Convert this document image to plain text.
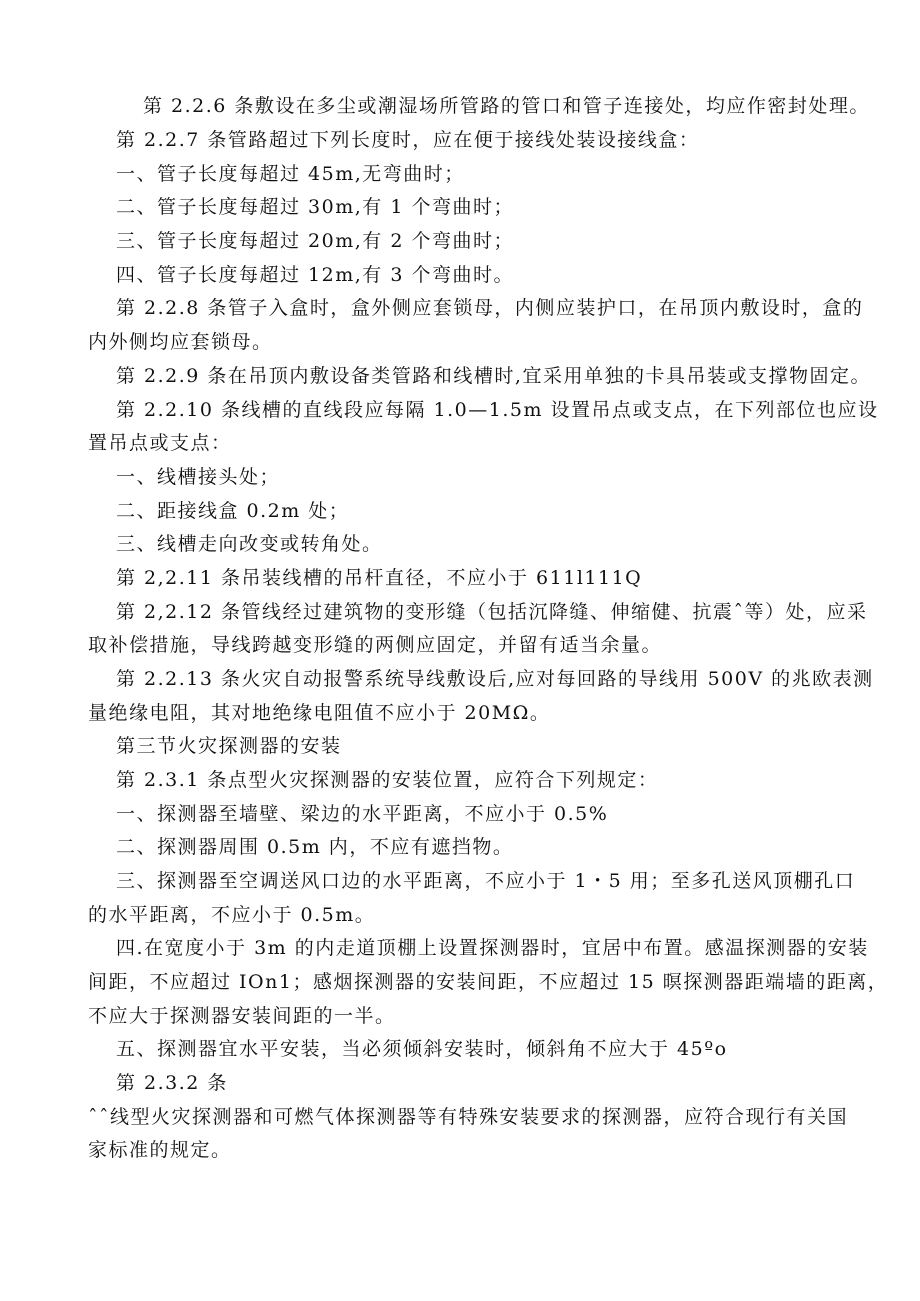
第 2.2.6 条敷设在多尘或潮湿场所管路的管口和管子连接处，均应作密封处理。
第 2.2.7 条管路超过下列长度时，应在便于接线处装设接线盒：
一、管子长度每超过 45m,无弯曲时；
二、管子长度每超过 30m,有 1 个弯曲时；
三、管子长度每超过 20m,有 2 个弯曲时；
四、管子长度每超过 12m,有 3 个弯曲时。
第 2.2.8 条管子入盒时，盒外侧应套锁母，内侧应装护口，在吊顶内敷设时，盒的
内外侧均应套锁母。
第 2.2.9 条在吊顶内敷设备类管路和线槽时,宜采用单独的卡具吊装或支撑物固定。
第 2.2.10 条线槽的直线段应每隔 1.0—1.5m 设置吊点或支点，在下列部位也应设
置吊点或支点：
一、线槽接头处；
二、距接线盒 0.2m 处；
三、线槽走向改变或转角处。
第 2,2.11 条吊装线槽的吊杆直径，不应小于 611l111Q
第 2,2.12 条管线经过建筑物的变形缝（包括沉降缝、伸缩健、抗震ˆ等）处，应采
取补偿措施，导线跨越变形缝的两侧应固定，并留有适当余量。
第 2.2.13 条火灾自动报警系统导线敷设后,应对每回路的导线用 500V 的兆欧表测
量绝缘电阻，其对地绝缘电阻值不应小于 20MΩ。
第三节火灾探测器的安装
第 2.3.1 条点型火灾探测器的安装位置，应符合下列规定：
一、探测器至墙壁、梁边的水平距离，不应小于 0.5%
二、探测器周围 0.5m 内，不应有遮挡物。
三、探测器至空调送风口边的水平距离，不应小于 1・5 用；至多孔送风顶棚孔口
的水平距离，不应小于 0.5m。
四.在宽度小于 3m 的内走道顶棚上设置探测器时，宜居中布置。感温探测器的安装
间距，不应超过 IOn1；感烟探测器的安装间距，不应超过 15 暝探测器距端墙的距离，
不应大于探测器安装间距的一半。
五、探测器宜水平安装，当必须倾斜安装时，倾斜角不应大于 45ºo
第 2.3.2 条
ˆˆ线型火灾探测器和可燃气体探测器等有特殊安装要求的探测器，应符合现行有关国
家标准的规定。
